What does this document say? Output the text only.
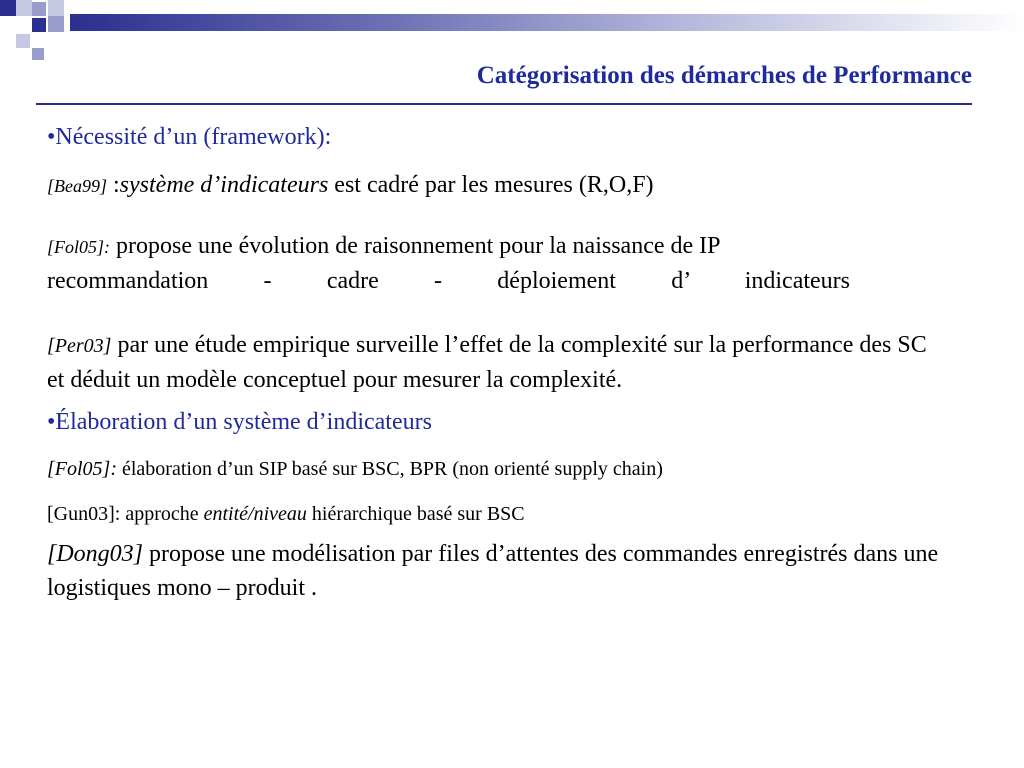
Catégorisation des démarches de Performance
•Nécessité d’un (framework):
[Bea99] :système d’indicateurs est cadré par les mesures (R,O,F)
[Fol05]: propose une évolution de raisonnement pour la naissance de IP
recommandation - cadre - déploiement d’ indicateurs
[Per03] par une étude empirique surveille l’effet de la complexité sur la performance des SC et déduit un modèle conceptuel pour mesurer la complexité.
•Élaboration d’un système d’indicateurs
[Fol05]: élaboration d’un SIP basé sur BSC, BPR (non orienté supply chain)
[Gun03]: approche entité/niveau hiérarchique basé sur BSC
[Dong03] propose une modélisation par files d’attentes des commandes enregistrés dans une logistiques mono – produit .
